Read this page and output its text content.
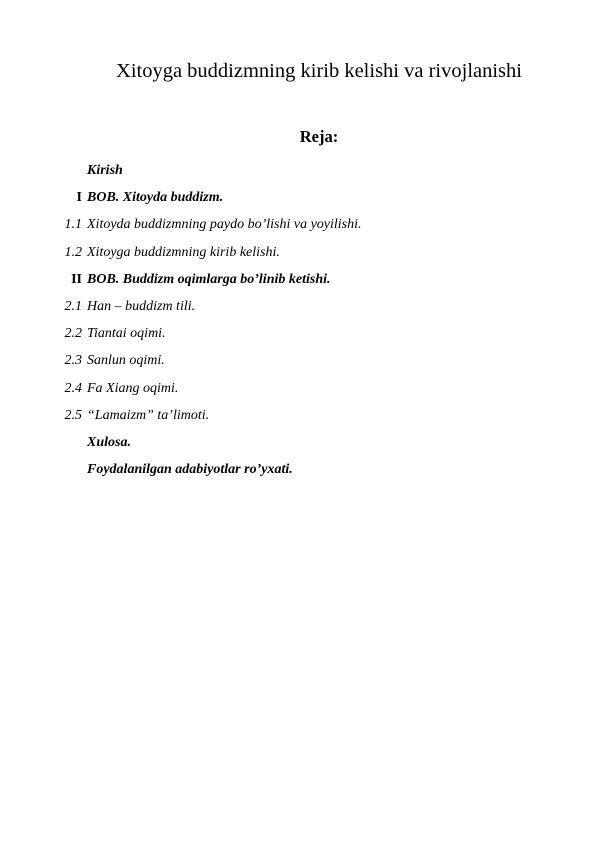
Xitoyga buddizmning kirib kelishi va rivojlanishi
Reja:
Kirish
I BOB. Xitoyda buddizm.
1.1 Xitoyda buddizmning paydo bo’lishi va yoyilishi.
1.2 Xitoyga buddizmning kirib kelishi.
II BOB. Buddizm oqimlarga bo’linib ketishi.
2.1 Han – buddizm tili.
2.2 Tiantai oqimi.
2.3 Sanlun oqimi.
2.4 Fa Xiang oqimi.
2.5 “Lamaizm” ta’limoti.
Xulosa.
Foydalanilgan adabiyotlar ro’yxati.
